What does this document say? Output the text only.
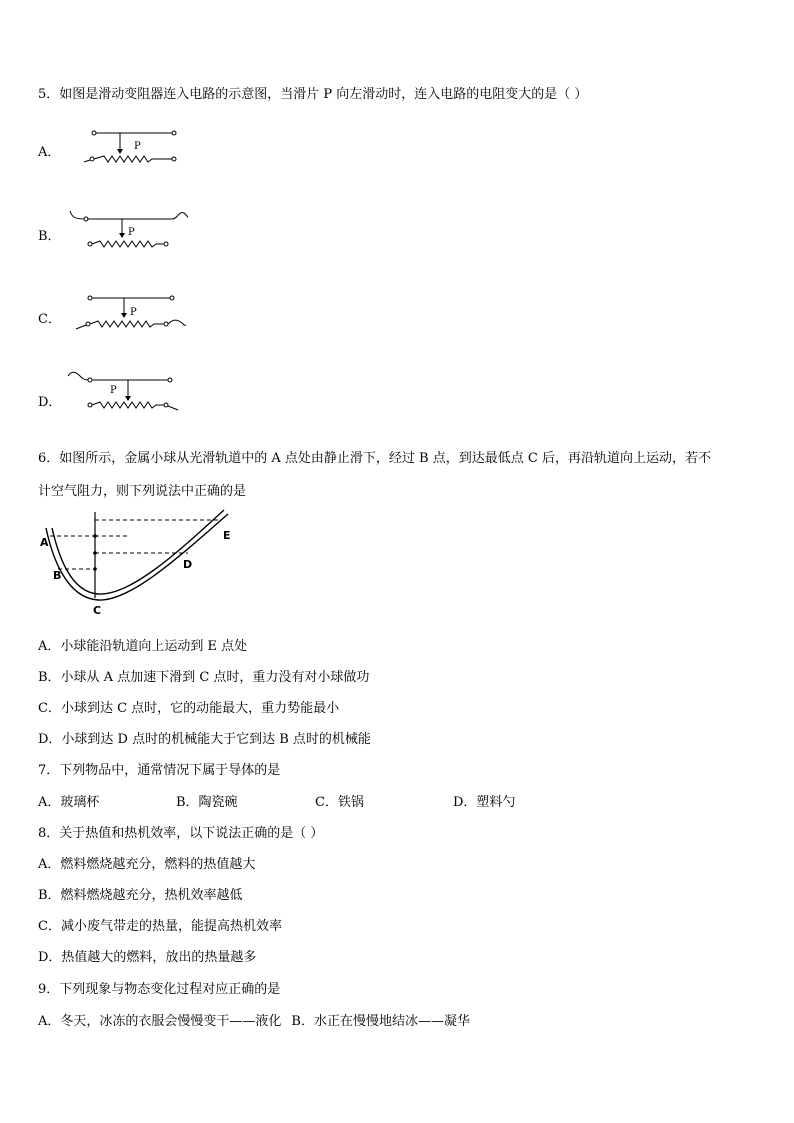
5．如图是滑动变阻器连入电路的示意图，当滑片 P 向左滑动时，连入电路的电阻变大的是（ ）
A．	P
B．	P
C．	P
D．
P
6．如图所示，金属小球从光滑轨道中的 A 点处由静止滑下，经过 B 点，到达最低点 C 后，再沿轨道向上运动，若不
计空气阻力，则下列说法中正确的是
A
B
C
D
E
A．小球能沿轨道向上运动到 E 点处
B．小球从 A 点加速下滑到 C 点时，重力没有对小球做功
C．小球到达 C 点时，它的动能最大，重力势能最小
D．小球到达 D 点时的机械能大于它到达 B 点时的机械能
7．下列物品中，通常情况下属于导体的是
A．玻璃杯	B．陶瓷碗	C．铁锅	D．塑料勺
8．关于热值和热机效率，以下说法正确的是（ ）
A．燃料燃烧越充分，燃料的热值越大
B．燃料燃烧越充分，热机效率越低
C．减小废气带走的热量，能提高热机效率
D．热值越大的燃料，放出的热量越多
9．下列现象与物态变化过程对应正确的是
A．冬天，冰冻的衣服会慢慢变干——液化 B．水正在慢慢地结冰——凝华
